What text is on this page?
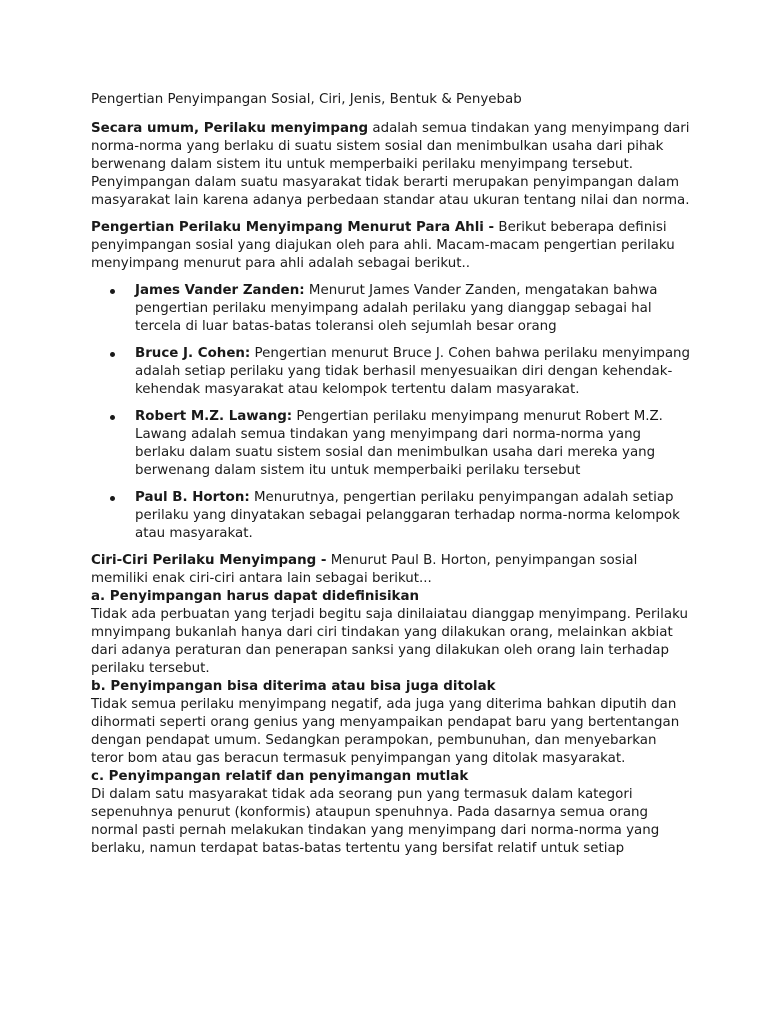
Pengertian Penyimpangan Sosial, Ciri, Jenis, Bentuk & Penyebab

Secara umum, Perilaku menyimpang adalah semua tindakan yang menyimpang dari norma-norma yang berlaku di suatu sistem sosial dan menimbulkan usaha dari pihak berwenang dalam sistem itu untuk memperbaiki perilaku menyimpang tersebut. Penyimpangan dalam suatu masyarakat tidak berarti merupakan penyimpangan dalam masyarakat lain karena adanya perbedaan standar atau ukuran tentang nilai dan norma.

Pengertian Perilaku Menyimpang Menurut Para Ahli - Berikut beberapa definisi penyimpangan sosial yang diajukan oleh para ahli. Macam-macam pengertian perilaku menyimpang menurut para ahli adalah sebagai berikut..

James Vander Zanden: Menurut James Vander Zanden, mengatakan bahwa pengertian perilaku menyimpang adalah perilaku yang dianggap sebagai hal tercela di luar batas-batas toleransi oleh sejumlah besar orang
Bruce J. Cohen: Pengertian menurut Bruce J. Cohen bahwa perilaku menyimpang adalah setiap perilaku yang tidak berhasil menyesuaikan diri dengan kehendak-kehendak masyarakat atau kelompok tertentu dalam masyarakat.
Robert M.Z. Lawang: Pengertian perilaku menyimpang menurut Robert M.Z. Lawang adalah semua tindakan yang menyimpang dari norma-norma yang berlaku dalam suatu sistem sosial dan menimbulkan usaha dari mereka yang berwenang dalam sistem itu untuk memperbaiki perilaku tersebut
Paul B. Horton: Menurutnya, pengertian perilaku penyimpangan adalah setiap perilaku yang dinyatakan sebagai pelanggaran terhadap norma-norma kelompok atau masyarakat.

Ciri-Ciri Perilaku Menyimpang - Menurut Paul B. Horton, penyimpangan sosial memiliki enak ciri-ciri antara lain sebagai berikut...

a. Penyimpangan harus dapat didefinisikan

Tidak ada perbuatan yang terjadi begitu saja dinilaiatau dianggap menyimpang. Perilaku mnyimpang bukanlah hanya dari ciri tindakan yang dilakukan orang, melainkan akbiat dari adanya peraturan dan penerapan sanksi yang dilakukan oleh orang lain terhadap perilaku tersebut.

b. Penyimpangan bisa diterima atau bisa juga ditolak

Tidak semua perilaku menyimpang negatif, ada juga yang diterima bahkan diputih dan dihormati seperti orang genius yang menyampaikan pendapat baru yang bertentangan dengan pendapat umum. Sedangkan perampokan, pembunuhan, dan menyebarkan teror bom atau gas beracun termasuk penyimpangan yang ditolak masyarakat.

c. Penyimpangan relatif dan penyimangan mutlak

Di dalam satu masyarakat tidak ada seorang pun yang termasuk dalam kategori sepenuhnya penurut (konformis) ataupun spenuhnya. Pada dasarnya semua orang normal pasti pernah melakukan tindakan yang menyimpang dari norma-norma yang berlaku, namun terdapat batas-batas tertentu yang bersifat relatif untuk setiap
